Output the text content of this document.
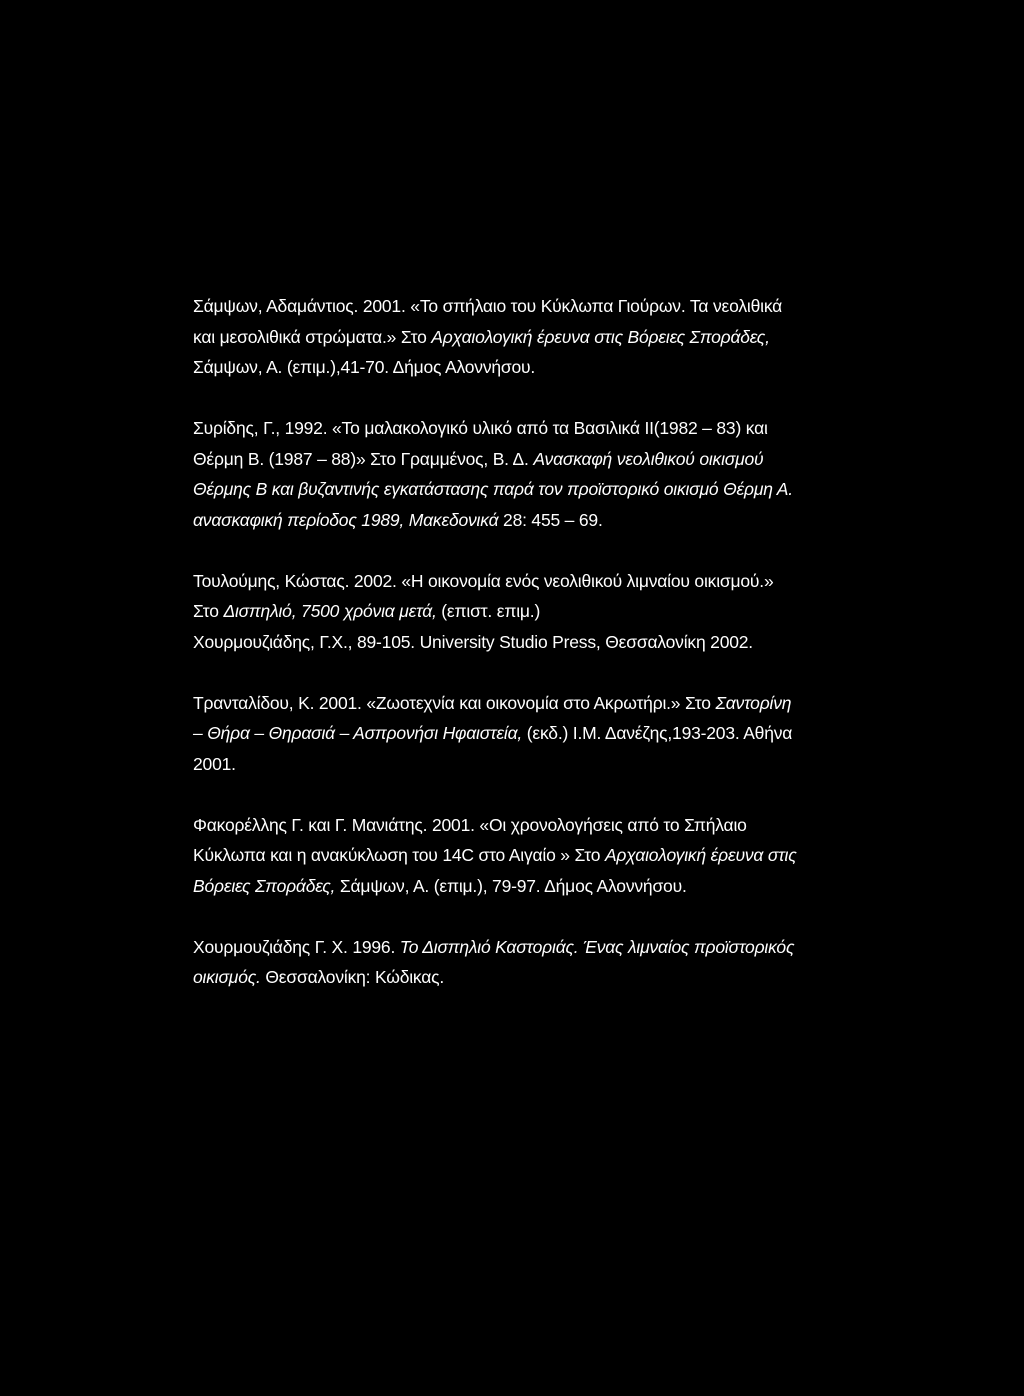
Σάμψων, Αδαμάντιος. 2001. «Το σπήλαιο του Κύκλωπα Γιούρων. Τα νεολιθικά
και μεσολιθικά στρώματα.» Στο Αρχαιολογική έρευνα στις Βόρειες Σποράδες,
Σάμψων, Α. (επιμ.),41-70. Δήμος Αλοννήσου.
Συρίδης, Γ., 1992. «Το μαλακολογικό υλικό από τα Βασιλικά ΙΙ(1982 – 83) και
Θέρμη Β. (1987 – 88)» Στο Γραμμένος, Β. Δ. Ανασκαφή νεολιθικού οικισμού
Θέρμης Β και βυζαντινής εγκατάστασης παρά τον προϊστορικό οικισμό Θέρμη Α.
ανασκαφική περίοδος 1989, Μακεδονικά 28: 455 – 69.
Τουλούμης, Κώστας. 2002. «Η οικονομία ενός νεολιθικού λιμναίου οικισμού.»
Στο Δισπηλιό, 7500 χρόνια μετά, (επιστ. επιμ.)
Χουρμουζιάδης, Γ.Χ., 89-105. University Studio Press, Θεσσαλονίκη 2002.
Τρανταλίδου, Κ. 2001. «Ζωοτεχνία και οικονομία στο Ακρωτήρι.» Στο Σαντορίνη
– Θήρα – Θηρασιά – Ασπρονήσι Ηφαιστεία, (εκδ.) Ι.Μ. Δανέζης,193-203. Αθήνα
2001.
Φακορέλλης Γ. και Γ. Μανιάτης. 2001. «Οι χρονολογήσεις από το Σπήλαιο
Κύκλωπα και η ανακύκλωση του 14C στο Αιγαίο » Στο Αρχαιολογική έρευνα στις
Βόρειες Σποράδες, Σάμψων, Α. (επιμ.), 79-97. Δήμος Αλοννήσου.
Χουρμουζιάδης Γ. Χ. 1996. Το Δισπηλιό Καστοριάς. Ένας λιμναίος προϊστορικός
οικισμός. Θεσσαλονίκη: Κώδικας.
